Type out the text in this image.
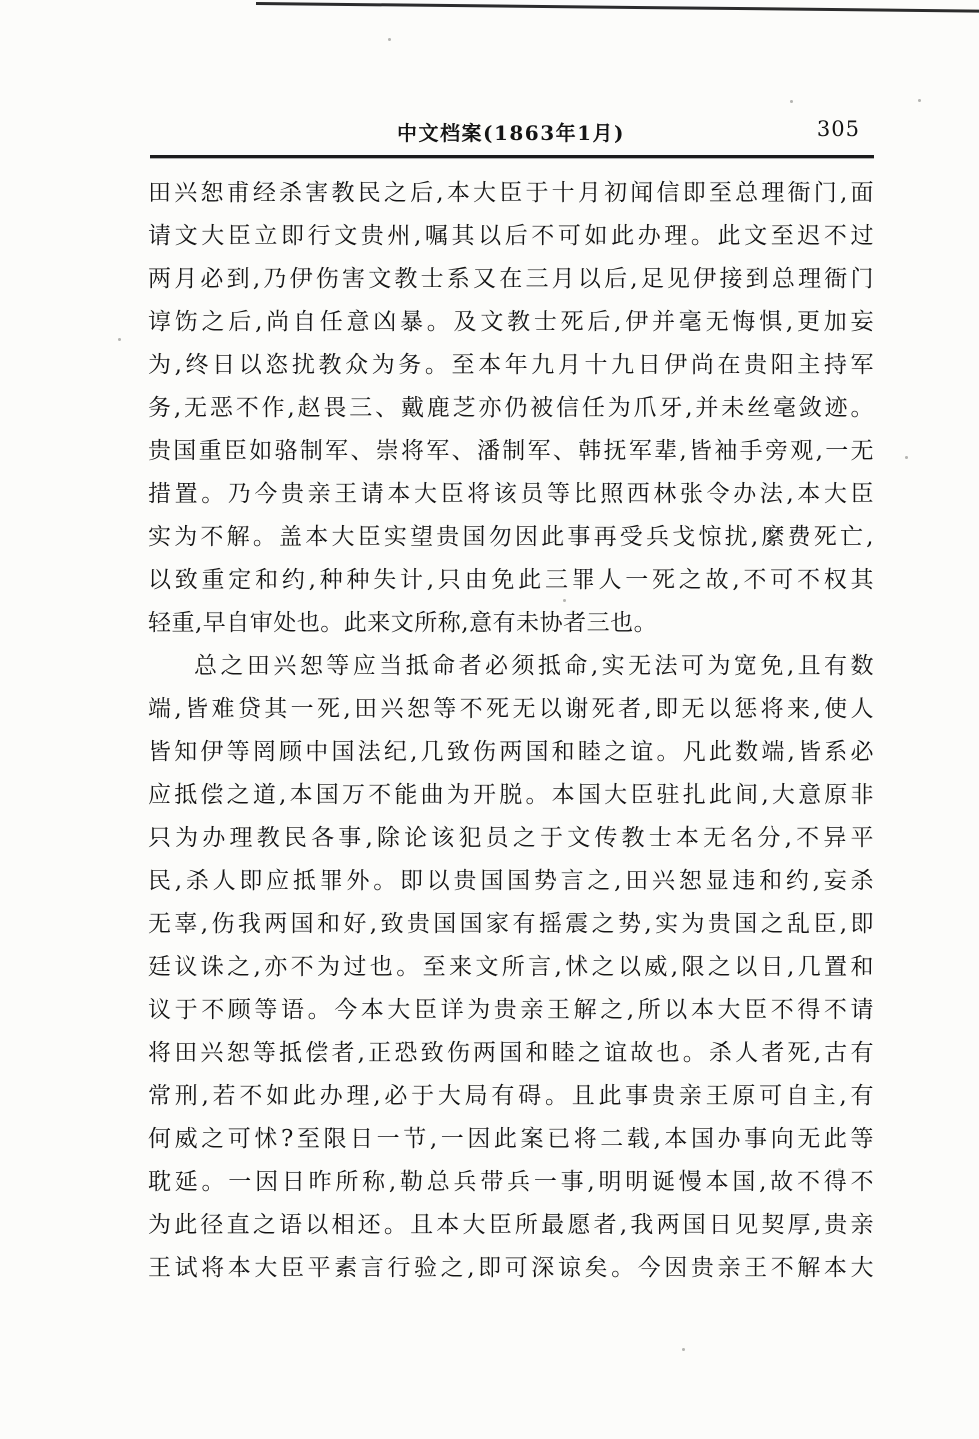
中文档案(1863年1月)	305
田兴恕甫经杀害教民之后,本大臣于十月初闻信即至总理衙门,面
请文大臣立即行文贵州,嘱其以后不可如此办理。此文至迟不过
两月必到,乃伊伤害文教士系又在三月以后,足见伊接到总理衙门
谆饬之后,尚自任意凶暴。及文教士死后,伊并毫无悔惧,更加妄
为,终日以恣扰教众为务。至本年九月十九日伊尚在贵阳主持军
务,无恶不作,赵畏三、戴鹿芝亦仍被信任为爪牙,并未丝毫敛迹。
贵国重臣如骆制军、崇将军、潘制军、韩抚军辈,皆袖手旁观,一无
措置。乃今贵亲王请本大臣将该员等比照西林张令办法,本大臣
实为不解。盖本大臣实望贵国勿因此事再受兵戈惊扰,縻费死亡,
以致重定和约,种种失计,只由免此三罪人一死之故,不可不权其
轻重,早自审处也。此来文所称,意有未协者三也。
总之田兴恕等应当抵命者必须抵命,实无法可为宽免,且有数
端,皆难贷其一死,田兴恕等不死无以谢死者,即无以惩将来,使人
皆知伊等罔顾中国法纪,几致伤两国和睦之谊。凡此数端,皆系必
应抵偿之道,本国万不能曲为开脱。本国大臣驻扎此间,大意原非
只为办理教民各事,除论该犯员之于文传教士本无名分,不异平
民,杀人即应抵罪外。即以贵国国势言之,田兴恕显违和约,妄杀
无辜,伤我两国和好,致贵国国家有摇震之势,实为贵国之乱臣,即
廷议诛之,亦不为过也。至来文所言,怵之以威,限之以日,几置和
议于不顾等语。今本大臣详为贵亲王解之,所以本大臣不得不请
将田兴恕等抵偿者,正恐致伤两国和睦之谊故也。杀人者死,古有
常刑,若不如此办理,必于大局有碍。且此事贵亲王原可自主,有
何威之可怵?至限日一节,一因此案已将二载,本国办事向无此等
耽延。一因日昨所称,勒总兵带兵一事,明明诞慢本国,故不得不
为此径直之语以相还。且本大臣所最愿者,我两国日见契厚,贵亲
王试将本大臣平素言行验之,即可深谅矣。今因贵亲王不解本大
